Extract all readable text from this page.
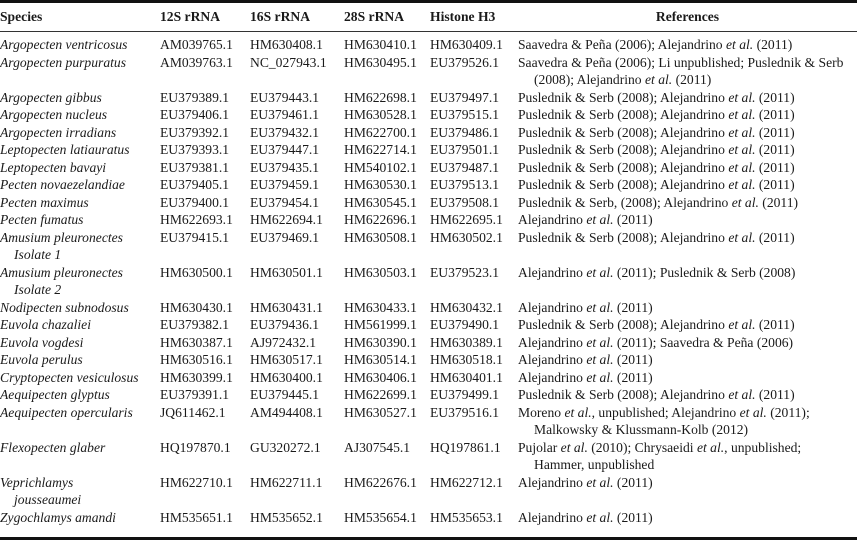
Species	12S rRNA	16S rRNA	28S rRNA	Histone H3	References
Argopecten ventricosus	AM039765.1	HM630408.1	HM630410.1	HM630409.1	Saavedra & Peña (2006); Alejandrino et al. (2011)

Argopecten purpuratus	AM039763.1	NC_027943.1	HM630495.1	EU379526.1	Saavedra & Peña (2006); Li unpublished; Puslednik & Serb
(2008); Alejandrino et al. (2011)

Argopecten gibbus	EU379389.1	EU379443.1	HM622698.1	EU379497.1	Puslednik & Serb (2008); Alejandrino et al. (2011)

Argopecten nucleus	EU379406.1	EU379461.1	HM630528.1	EU379515.1	Puslednik & Serb (2008); Alejandrino et al. (2011)

Argopecten irradians	EU379392.1	EU379432.1	HM622700.1	EU379486.1	Puslednik & Serb (2008); Alejandrino et al. (2011)

Leptopecten latiauratus	EU379393.1	EU379447.1	HM622714.1	EU379501.1	Puslednik & Serb (2008); Alejandrino et al. (2011)

Leptopecten bavayi	EU379381.1	EU379435.1	HM540102.1	EU379487.1	Puslednik & Serb (2008); Alejandrino et al. (2011)

Pecten novaezelandiae	EU379405.1	EU379459.1	HM630530.1	EU379513.1	Puslednik & Serb (2008); Alejandrino et al. (2011)

Pecten maximus	EU379400.1	EU379454.1	HM630545.1	EU379508.1	Puslednik & Serb, (2008); Alejandrino et al. (2011)

Pecten fumatus	HM622693.1	HM622694.1	HM622696.1	HM622695.1	Alejandrino et al. (2011)

Amusium pleuronectes
Isolate 1	EU379415.1	EU379469.1	HM630508.1	HM630502.1	Puslednik & Serb (2008); Alejandrino et al. (2011)

Amusium pleuronectes
Isolate 2	HM630500.1	HM630501.1	HM630503.1	EU379523.1	Alejandrino et al. (2011); Puslednik & Serb (2008)

Nodipecten subnodosus	HM630430.1	HM630431.1	HM630433.1	HM630432.1	Alejandrino et al. (2011)

Euvola chazaliei	EU379382.1	EU379436.1	HM561999.1	EU379490.1	Puslednik & Serb (2008); Alejandrino et al. (2011)

Euvola vogdesi	HM630387.1	AJ972432.1	HM630390.1	HM630389.1	Alejandrino et al. (2011); Saavedra & Peña (2006)

Euvola perulus	HM630516.1	HM630517.1	HM630514.1	HM630518.1	Alejandrino et al. (2011)

Cryptopecten vesiculosus	HM630399.1	HM630400.1	HM630406.1	HM630401.1	Alejandrino et al. (2011)

Aequipecten glyptus	EU379391.1	EU379445.1	HM622699.1	EU379499.1	Puslednik & Serb (2008); Alejandrino et al. (2011)

Aequipecten opercularis	JQ611462.1	AM494408.1	HM630527.1	EU379516.1	Moreno et al., unpublished; Alejandrino et al. (2011);
Malkowsky & Klussmann-Kolb (2012)

Flexopecten glaber	HQ197870.1	GU320272.1	AJ307545.1	HQ197861.1	Pujolar et al. (2010); Chrysaeidi et al., unpublished;
Hammer, unpublished

Veprichlamys
jousseaumei	HM622710.1	HM622711.1	HM622676.1	HM622712.1	Alejandrino et al. (2011)

Zygochlamys amandi	HM535651.1	HM535652.1	HM535654.1	HM535653.1	Alejandrino et al. (2011)
